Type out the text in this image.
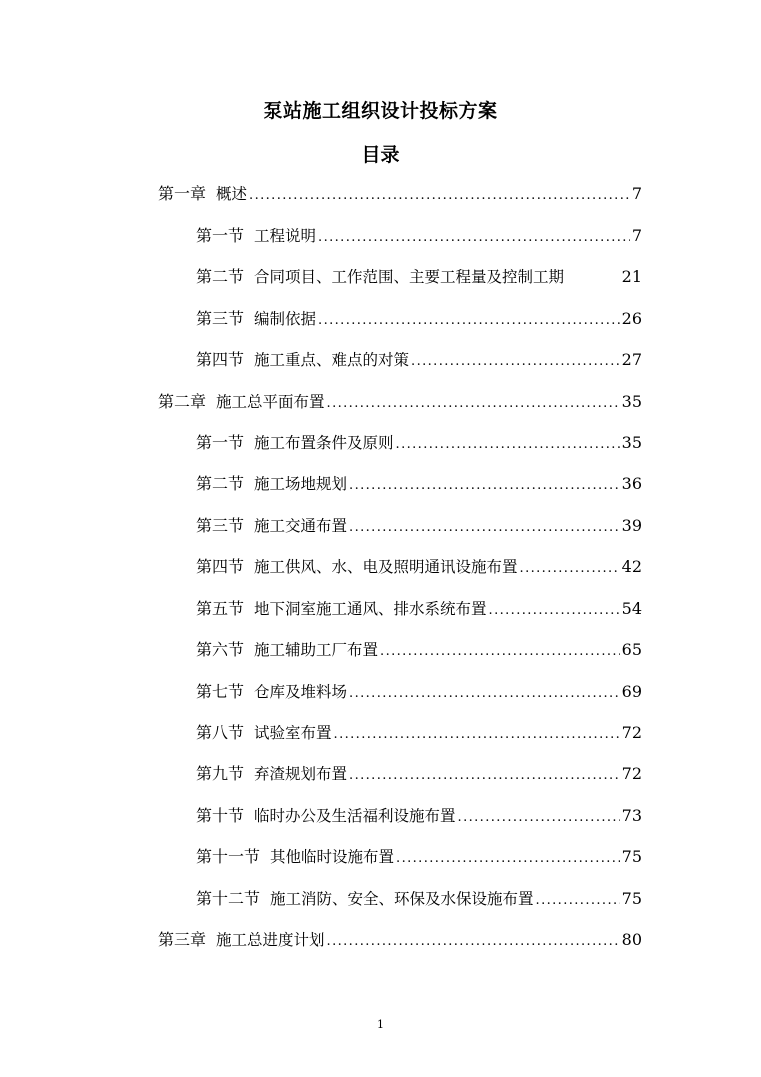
泵站施工组织设计投标方案
目录
第一章 概述 .....	7
第一节 工程说明 .....	7
第二节 合同项目、工作范围、主要工程量及控制工期	21
第三节 编制依据 .....	26
第四节 施工重点、难点的对策 .....	27
第二章 施工总平面布置 .....	35
第一节 施工布置条件及原则 .....	35
第二节 施工场地规划 .....	36
第三节 施工交通布置 .....	39
第四节 施工供风、水、电及照明通讯设施布置 .....	42
第五节 地下洞室施工通风、排水系统布置 .....	54
第六节 施工辅助工厂布置 .....	65
第七节 仓库及堆料场 .....	69
第八节 试验室布置 .....	72
第九节 弃渣规划布置 .....	72
第十节 临时办公及生活福利设施布置 .....	73
第十一节 其他临时设施布置 .....	75
第十二节 施工消防、安全、环保及水保设施布置 .....	75
第三章 施工总进度计划 .....	80
1
